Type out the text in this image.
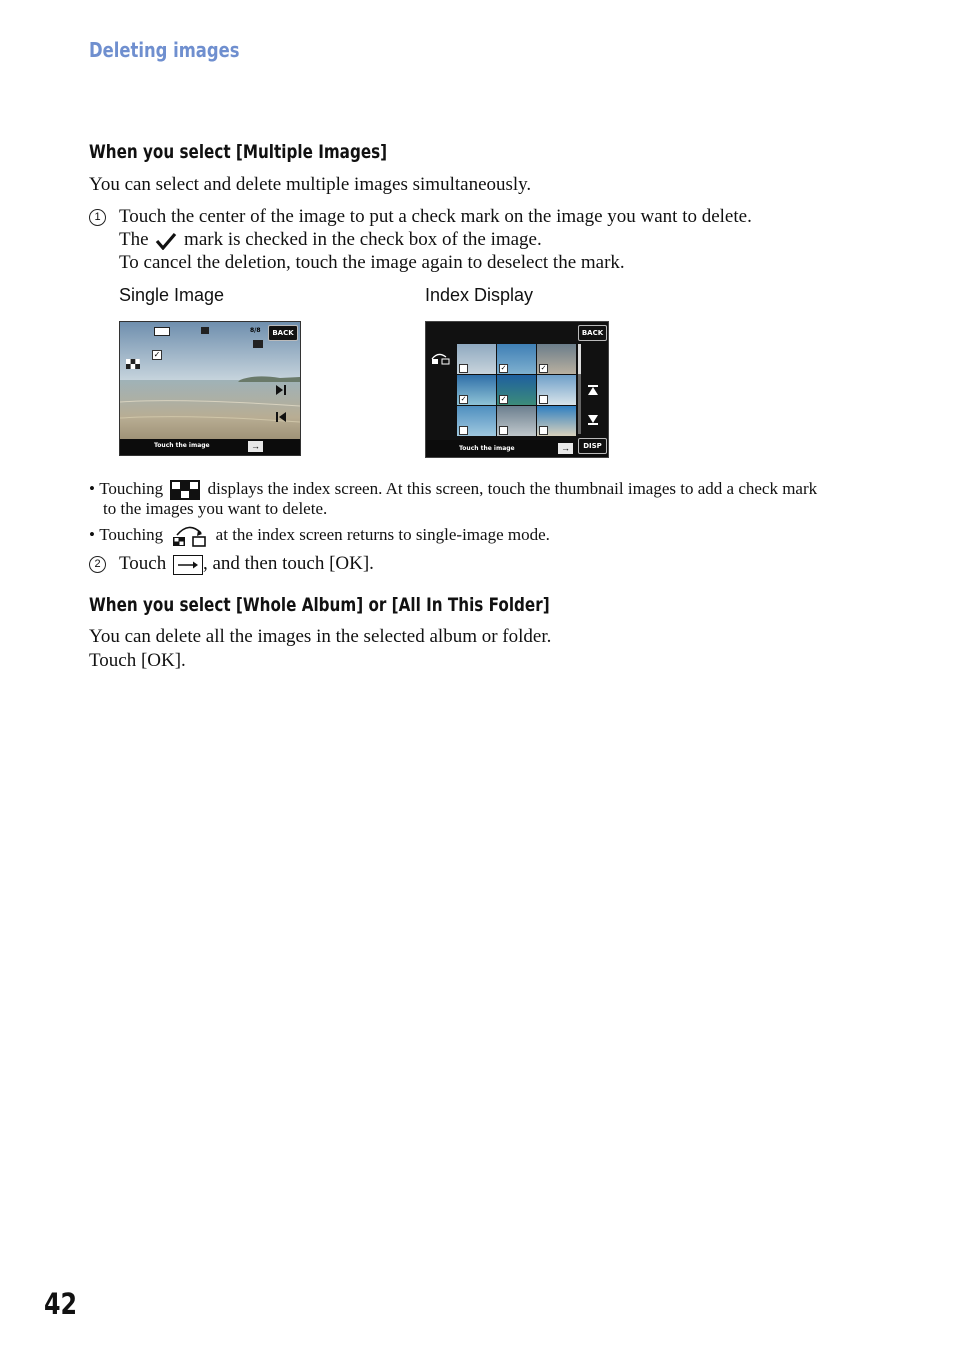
Deleting images
When you select [Multiple Images]
You can select and delete multiple images simultaneously.
1 Touch the center of the image to put a check mark on the image you want to delete.
The mark is checked in the check box of the image.
To cancel the deletion, touch the image again to deselect the mark.
Single Image	Index Display
8/8	BACK
✓
Touch the image	→
✓	✓
✓	✓
BACK
Touch the image	→	DISP
• Touching	displays the index screen. At this screen, touch the thumbnail images to add a check mark
to the images you want to delete.
• Touching	at the index screen returns to single-image mode.
2 Touch , and then touch [OK].
When you select [Whole Album] or [All In This Folder]
You can delete all the images in the selected album or folder.
Touch [OK].
42
